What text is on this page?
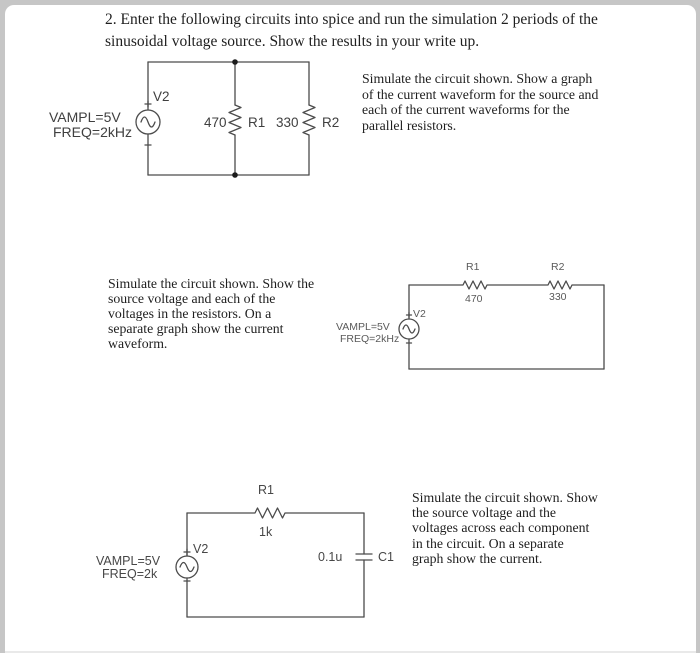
2. Enter the following circuits into spice and run the simulation 2 periods of the
sinusoidal voltage source. Show the results in your write up.
V2
VAMPL=5V
FREQ=2kHz
470 R1 330 R2
Simulate the circuit shown. Show a graph
of the current waveform for the source and
each of the current waveforms for the
parallel resistors.
Simulate the circuit shown. Show the
source voltage and each of the
voltages in the resistors. On a
separate graph show the current
waveform.
R1	R2
470	330
V2
VAMPL=5V
FREQ=2kHz
R1
1k
V2
VAMPL=5V
FREQ=2k
0.1u	C1
Simulate the circuit shown. Show
the source voltage and the
voltages across each component
in the circuit. On a separate
graph show the current.
